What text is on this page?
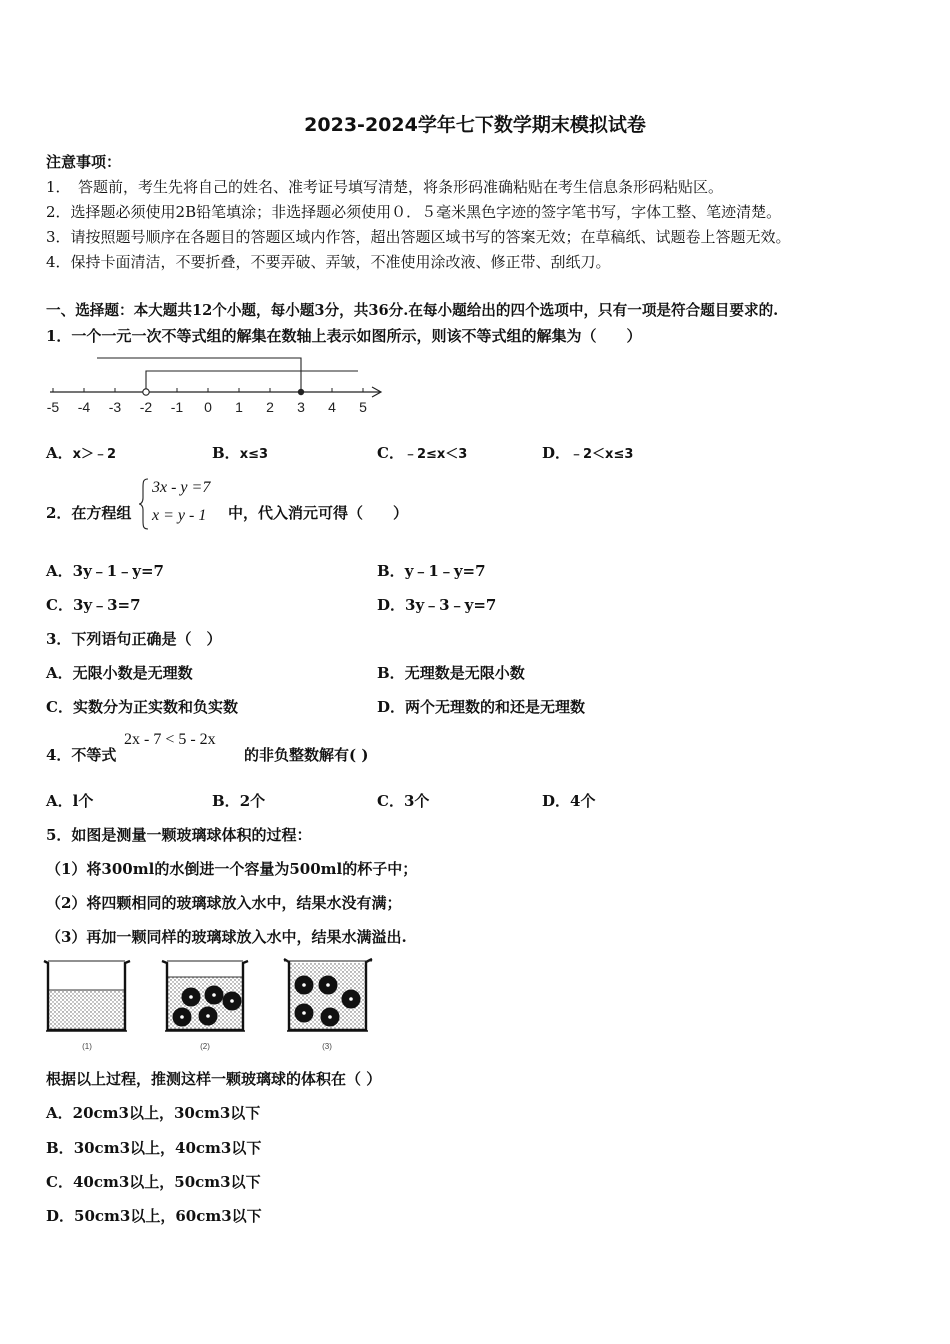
2023-2024学年七下数学期末模拟试卷
注意事项：
1．　答题前，考生先将自己的姓名、准考证号填写清楚，将条形码准确粘贴在考生信息条形码粘贴区。
2．选择题必须使用2B铅笔填涂；非选择题必须使用０．５毫米黑色字迹的签字笔书写，字体工整、笔迹清楚。
3．请按照题号顺序在各题目的答题区域内作答，超出答题区域书写的答案无效；在草稿纸、试题卷上答题无效。
4．保持卡面清洁，不要折叠，不要弄破、弄皱，不准使用涂改液、修正带、刮纸刀。
一、选择题：本大题共12个小题，每小题3分，共36分.在每小题给出的四个选项中，只有一项是符合题目要求的.
1．一个一元一次不等式组的解集在数轴上表示如图所示，则该不等式组的解集为（　　）
-5 -4 -3 -2 -1 0 1 2 3 4 5
A．x＞﹣2	B．x≤3	C．﹣2≤x＜3	D．﹣2＜x≤3
2．在方程组
3x - y =7
x = y - 1 中，代入消元可得（　　）
A．3y﹣1﹣y=7	B．y﹣1﹣y=7
C．3y﹣3=7	D．3y﹣3﹣y=7
3．下列语句正确是（　）
A．无限小数是无理数	B．无理数是无限小数
C．实数分为正实数和负实数	D．两个无理数的和还是无理数
4．不等式
2x - 7 < 5 - 2x
的非负整数解有( )
A．l个	B．2个	C．3个	D．4个
5．如图是测量一颗玻璃球体积的过程：
（1）将300ml的水倒进一个容量为500ml的杯子中；
（2）将四颗相同的玻璃球放入水中，结果水没有满；
（3）再加一颗同样的玻璃球放入水中，结果水满溢出.
(1)	(2)	(3)
根据以上过程，推测这样一颗玻璃球的体积在（ ）
A．20cm3以上，30cm3以下
B．30cm3以上，40cm3以下
C．40cm3以上，50cm3以下
D．50cm3以上，60cm3以下
